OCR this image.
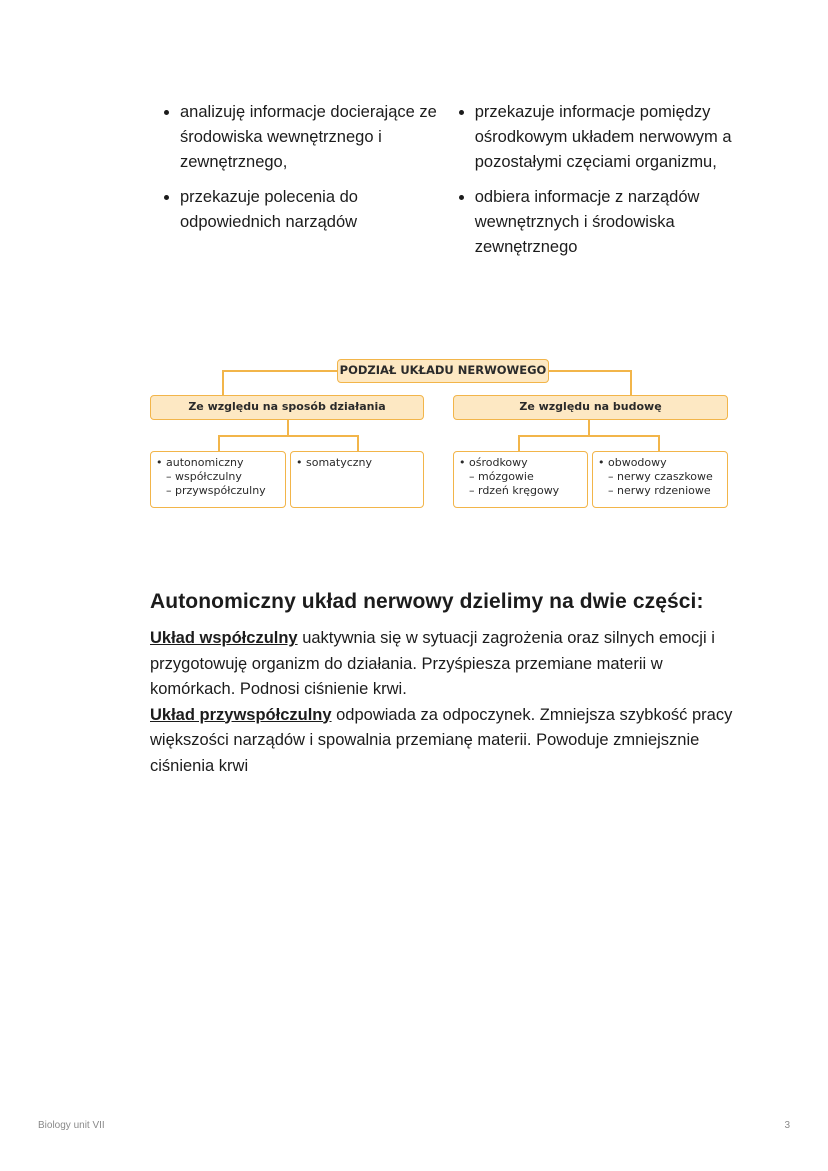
analizuję informacje docierające ze środowiska wewnętrznego i zewnętrznego,
przekazuje polecenia do odpowiednich narządów
przekazuje informacje pomiędzy ośrodkowym układem nerwowym a pozostałymi częciami organizmu,
odbiera informacje z narządów wewnętrznych i środowiska zewnętrznego
PODZIAŁ UKŁADU NERWOWEGO
Ze względu na sposób działania	Ze względu na budowę
• autonomiczny
– współczulny
– przywspółczulny
• somatyczny	• ośrodkowy
– mózgowie
– rdzeń kręgowy
• obwodowy
– nerwy czaszkowe
– nerwy rdzeniowe
Autonomiczny układ nerwowy dzielimy na dwie części:
Układ współczulny uaktywnia się w sytuacji zagrożenia oraz silnych emocji i przygotowuję organizm do działania. Przyśpiesza przemiane materii w komórkach. Podnosi ciśnienie krwi.
Układ przywspółczulny odpowiada za odpoczynek. Zmniejsza szybkość pracy większości narządów i spowalnia przemianę materii. Powoduje zmniejsznie ciśnienia krwi
Biology unit VII	3
